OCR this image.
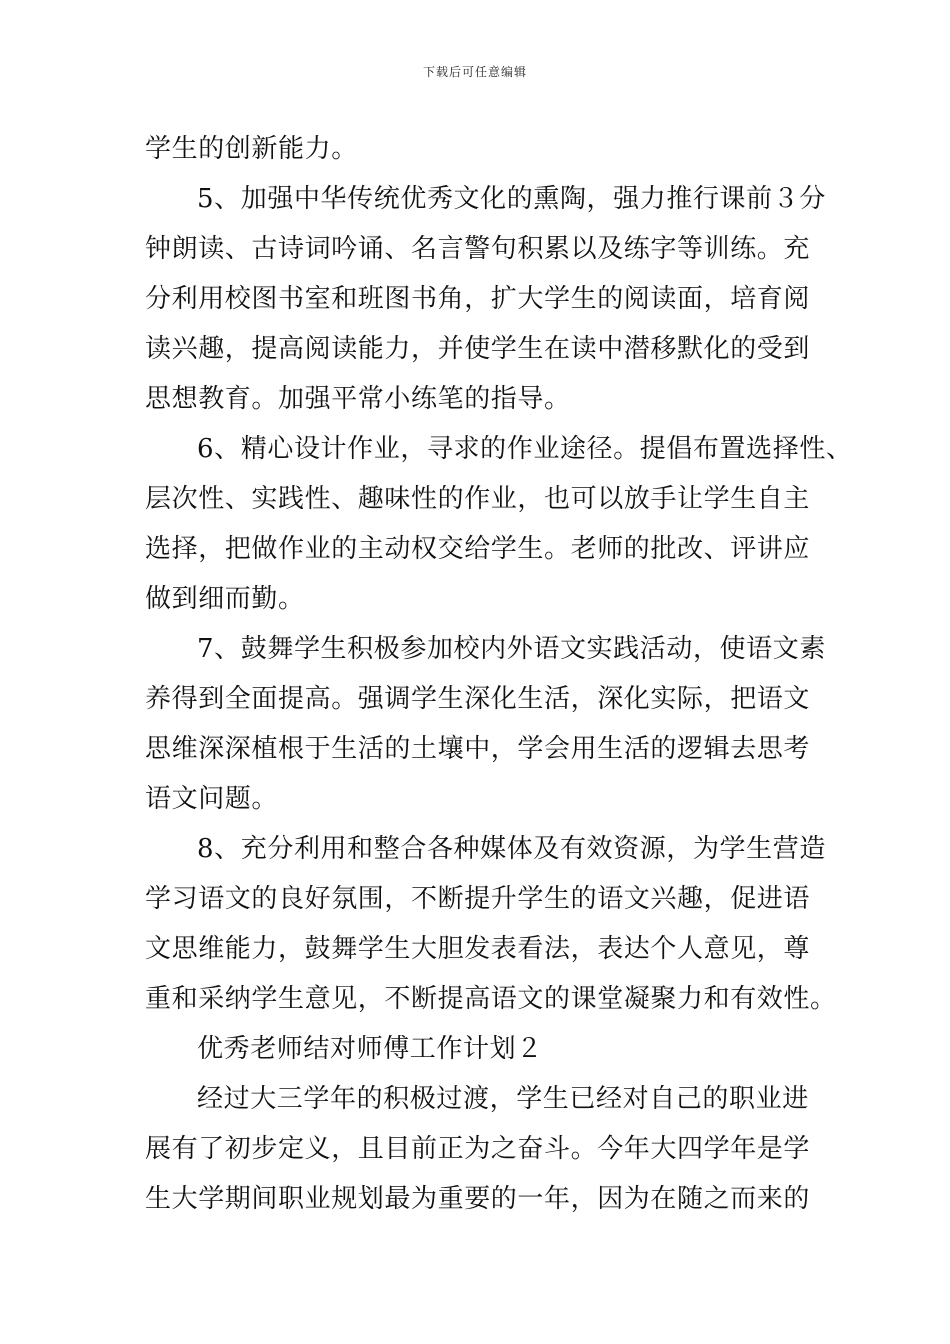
下载后可任意编辑
学生的创新能力。
5、加强中华传统优秀文化的熏陶，强力推行课前３分
钟朗读、古诗词吟诵、名言警句积累以及练字等训练。充
分利用校图书室和班图书角，扩大学生的阅读面，培育阅
读兴趣，提高阅读能力，并使学生在读中潜移默化的受到
思想教育。加强平常小练笔的指导。
6、精心设计作业，寻求的作业途径。提倡布置选择性、
层次性、实践性、趣味性的作业，也可以放手让学生自主
选择，把做作业的主动权交给学生。老师的批改、评讲应
做到细而勤。
7、鼓舞学生积极参加校内外语文实践活动，使语文素
养得到全面提高。强调学生深化生活，深化实际，把语文
思维深深植根于生活的土壤中，学会用生活的逻辑去思考
语文问题。
8、充分利用和整合各种媒体及有效资源，为学生营造
学习语文的良好氛围，不断提升学生的语文兴趣，促进语
文思维能力，鼓舞学生大胆发表看法，表达个人意见，尊
重和采纳学生意见，不断提高语文的课堂凝聚力和有效性。
优秀老师结对师傅工作计划２
经过大三学年的积极过渡，学生已经对自己的职业进
展有了初步定义，且目前正为之奋斗。今年大四学年是学
生大学期间职业规划最为重要的一年，因为在随之而来的
